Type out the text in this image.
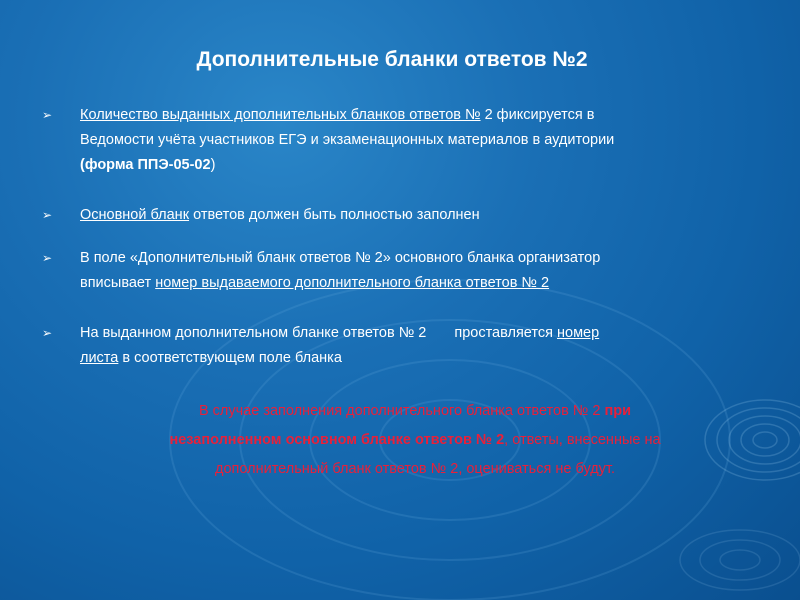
Дополнительные бланки ответов №2
➢	Количество выданных дополнительных бланков ответов № 2 фиксируется в
Ведомости учёта участников ЕГЭ и экзаменационных материалов в аудитории
(форма ППЭ-05-02)
➢	Основной бланк ответов должен быть полностью заполнен
➢	В поле «Дополнительный бланк ответов № 2» основного бланка организатор
вписывает номер выдаваемого дополнительного бланка ответов № 2
➢	На выданном дополнительном бланке ответов № 2 проставляется номер
листа в соответствующем поле бланка
В случае заполнения дополнительного бланка ответов № 2 при
незаполненном основном бланке ответов № 2, ответы, внесенные на
дополнительный бланк ответов № 2, оцениваться не будут.
